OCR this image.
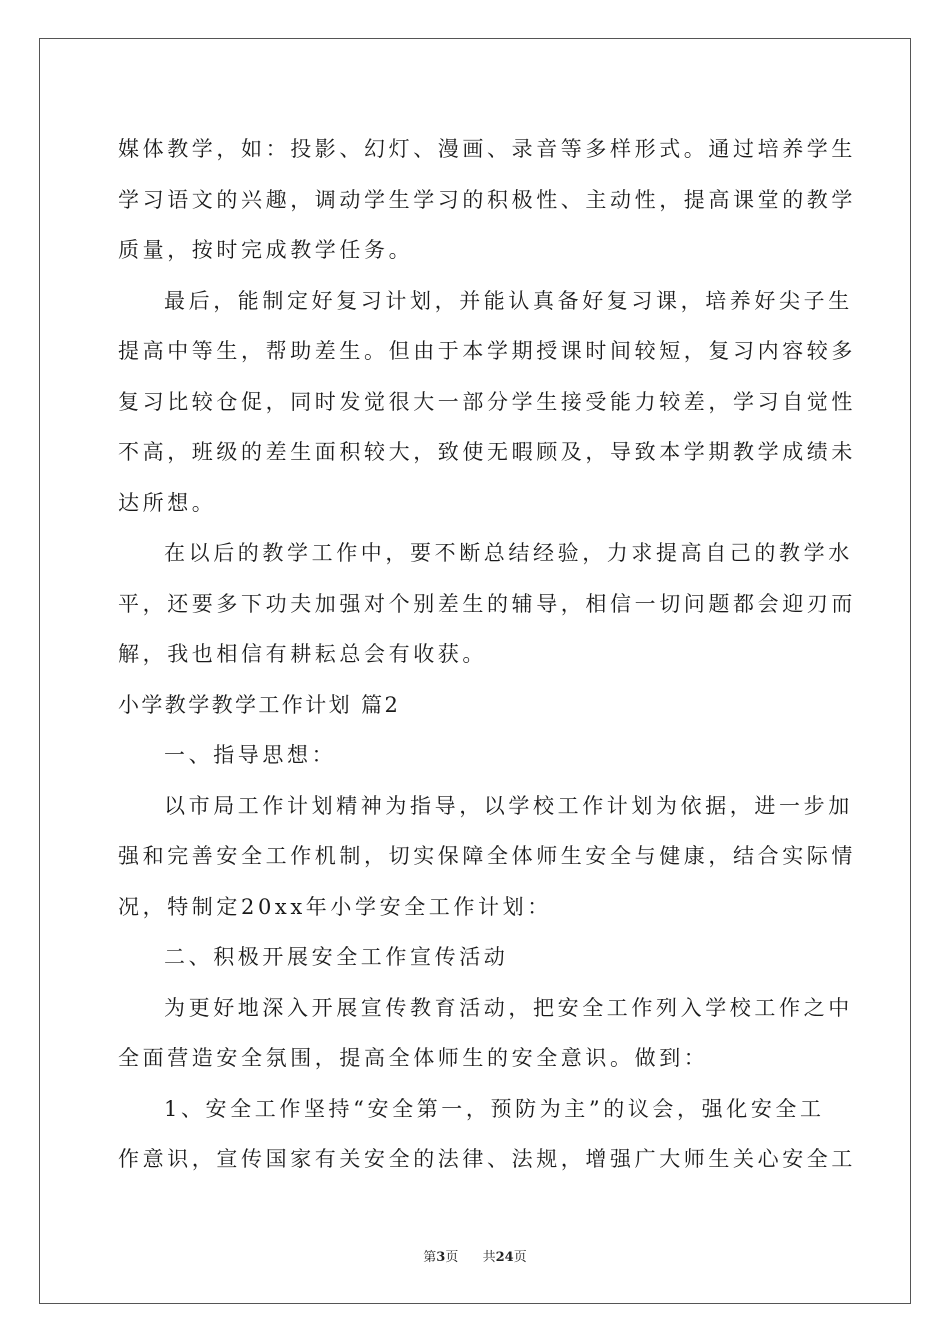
媒体教学，如：投影、幻灯、漫画、录音等多样形式。通过培养学生
学习语文的兴趣，调动学生学习的积极性、主动性，提高课堂的教学
质量，按时完成教学任务。
最后，能制定好复习计划，并能认真备好复习课，培养好尖子生
提高中等生，帮助差生。但由于本学期授课时间较短，复习内容较多
复习比较仓促，同时发觉很大一部分学生接受能力较差，学习自觉性
不高，班级的差生面积较大，致使无暇顾及，导致本学期教学成绩未
达所想。
在以后的教学工作中，要不断总结经验，力求提高自己的教学水
平，还要多下功夫加强对个别差生的辅导，相信一切问题都会迎刃而
解，我也相信有耕耘总会有收获。
小学教学教学工作计划 篇2
一、指导思想：
以市局工作计划精神为指导，以学校工作计划为依据，进一步加
强和完善安全工作机制，切实保障全体师生安全与健康，结合实际情
况，特制定20xx年小学安全工作计划：
二、积极开展安全工作宣传活动
为更好地深入开展宣传教育活动，把安全工作列入学校工作之中
全面营造安全氛围，提高全体师生的安全意识。做到：
1、安全工作坚持“安全第一，预防为主”的议会，强化安全工
作意识，宣传国家有关安全的法律、法规，增强广大师生关心安全工
第3页 共24页
